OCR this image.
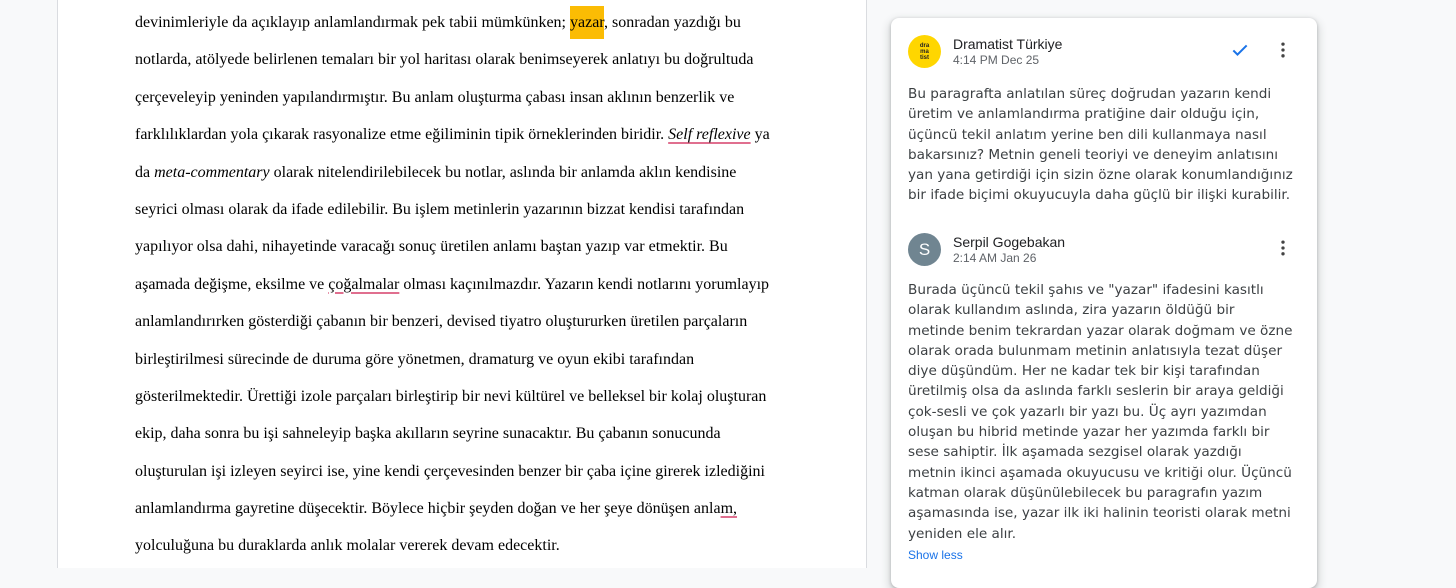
devinimleriyle da açıklayıp anlamlandırmak pek tabii mümkünken; yazar, sonradan yazdığı bu
notlarda, atölyede belirlenen temaları bir yol haritası olarak benimseyerek anlatıyı bu doğrultuda
çerçeveleyip yeninden yapılandırmıştır. Bu anlam oluşturma çabası insan aklının benzerlik ve
farklılıklardan yola çıkarak rasyonalize etme eğiliminin tipik örneklerinden biridir. Self reflexive ya
da meta-commentary olarak nitelendirilebilecek bu notlar, aslında bir anlamda aklın kendisine
seyrici olması olarak da ifade edilebilir. Bu işlem metinlerin yazarının bizzat kendisi tarafından
yapılıyor olsa dahi, nihayetinde varacağı sonuç üretilen anlamı baştan yazıp var etmektir. Bu
aşamada değişme, eksilme ve çoğalmalar olması kaçınılmazdır. Yazarın kendi notlarını yorumlayıp
anlamlandırırken gösterdiği çabanın bir benzeri, devised tiyatro oluştururken üretilen parçaların
birleştirilmesi sürecinde de duruma göre yönetmen, dramaturg ve oyun ekibi tarafından
gösterilmektedir. Ürettiği izole parçaları birleştirip bir nevi kültürel ve belleksel bir kolaj oluşturan
ekip, daha sonra bu işi sahneleyip başka akılların seyrine sunacaktır. Bu çabanın sonucunda
oluşturulan işi izleyen seyirci ise, yine kendi çerçevesinden benzer bir çaba içine girerek izlediğini
anlamlandırma gayretine düşecektir. Böylece hiçbir şeyden doğan ve her şeye dönüşen anlam,
yolculuğuna bu duraklarda anlık molalar vererek devam edecektir.
dra
ma
tist
Dramatist Türkiye
4:14 PM Dec 25
Bu paragrafta anlatılan süreç doğrudan yazarın kendi üretim ve anlamlandırma pratiğine dair olduğu için, üçüncü tekil anlatım yerine ben dili kullanmaya nasıl bakarsınız? Metnin geneli teoriyi ve deneyim anlatısını yan yana getirdiği için sizin özne olarak konumlandığınız bir ifade biçimi okuyucuyla daha güçlü bir ilişki kurabilir.
S Serpil Gogebakan
2:14 AM Jan 26
Burada üçüncü tekil şahıs ve "yazar" ifadesini kasıtlı olarak kullandım aslında, zira yazarın öldüğü bir metinde benim tekrardan yazar olarak doğmam ve özne olarak orada bulunmam metinin anlatısıyla tezat düşer diye düşündüm. Her ne kadar tek bir kişi tarafından üretilmiş olsa da aslında farklı seslerin bir araya geldiği çok-sesli ve çok yazarlı bir yazı bu. Üç ayrı yazımdan oluşan bu hibrid metinde yazar her yazımda farklı bir sese sahiptir. İlk aşamada sezgisel olarak yazdığı metnin ikinci aşamada okuyucusu ve kritiği olur. Üçüncü katman olarak düşünülebilecek bu paragrafın yazım aşamasında ise, yazar ilk iki halinin teoristi olarak metni yeniden ele alır.
Show less
